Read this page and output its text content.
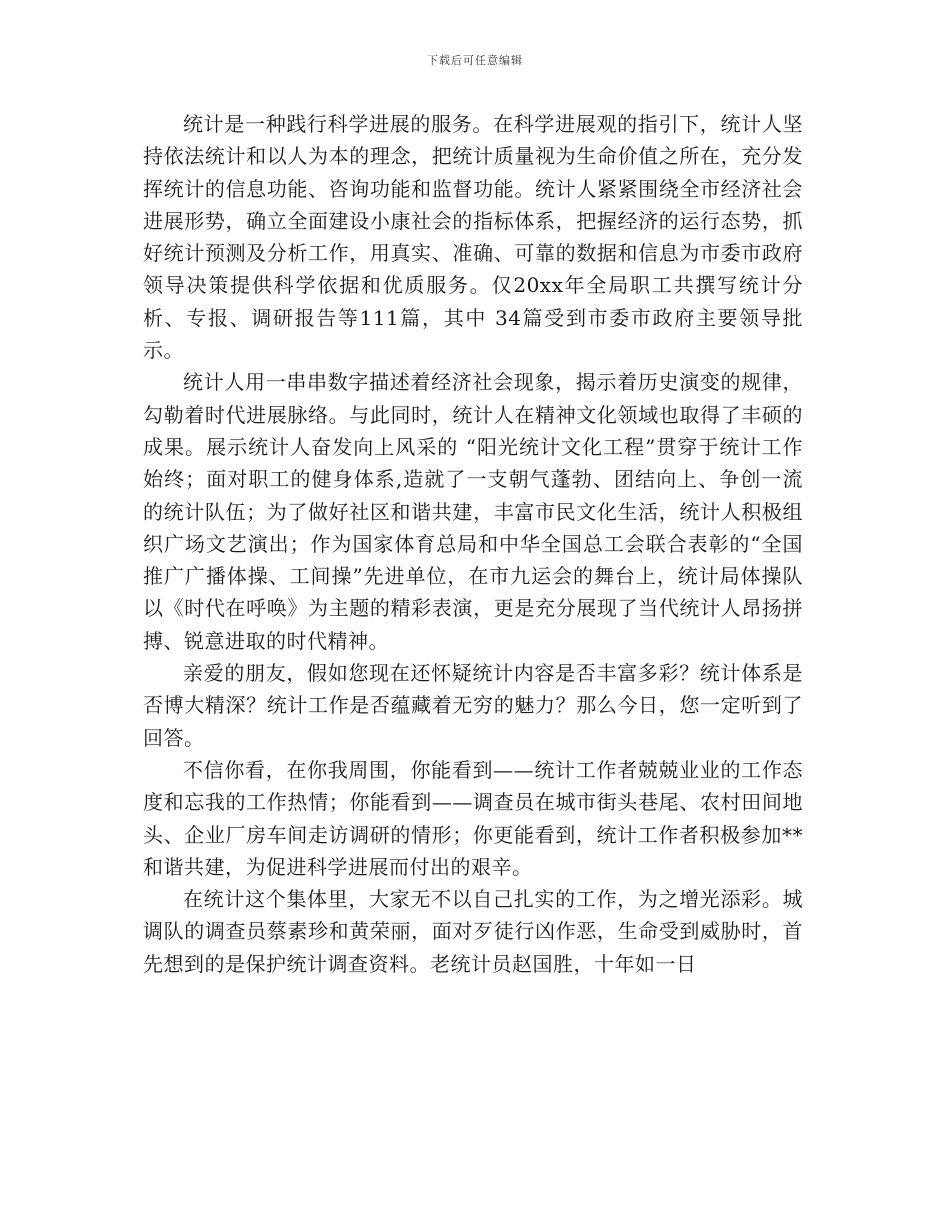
下载后可任意编辑

统计是一种践行科学进展的服务。在科学进展观的指引下，统计人坚持依法统计和以人为本的理念，把统计质量视为生命价值之所在，充分发挥统计的信息功能、咨询功能和监督功能。统计人紧紧围绕全市经济社会进展形势，确立全面建设小康社会的指标体系，把握经济的运行态势，抓好统计预测及分析工作，用真实、准确、可靠的数据和信息为市委市政府领导决策提供科学依据和优质服务。仅20xx年全局职工共撰写统计分析、专报、调研报告等111篇，其中 34篇受到市委市政府主要领导批示。

统计人用一串串数字描述着经济社会现象，揭示着历史演变的规律，勾勒着时代进展脉络。与此同时，统计人在精神文化领域也取得了丰硕的成果。展示统计人奋发向上风采的 “阳光统计文化工程”贯穿于统计工作始终；面对职工的健身体系,造就了一支朝气蓬勃、团结向上、争创一流的统计队伍；为了做好社区和谐共建，丰富市民文化生活，统计人积极组织广场文艺演出；作为国家体育总局和中华全国总工会联合表彰的“全国推广广播体操、工间操”先进单位，在市九运会的舞台上，统计局体操队以《时代在呼唤》为主题的精彩表演，更是充分展现了当代统计人昂扬拼搏、锐意进取的时代精神。

亲爱的朋友，假如您现在还怀疑统计内容是否丰富多彩？统计体系是否博大精深？统计工作是否蕴藏着无穷的魅力？那么今日，您一定听到了回答。

不信你看，在你我周围，你能看到——统计工作者兢兢业业的工作态度和忘我的工作热情；你能看到——调查员在城市街头巷尾、农村田间地头、企业厂房车间走访调研的情形；你更能看到，统计工作者积极参加**和谐共建，为促进科学进展而付出的艰辛。

在统计这个集体里，大家无不以自己扎实的工作，为之增光添彩。城调队的调查员蔡素珍和黄荣丽，面对歹徒行凶作恶，生命受到威胁时，首先想到的是保护统计调查资料。老统计员赵国胜，十年如一日
